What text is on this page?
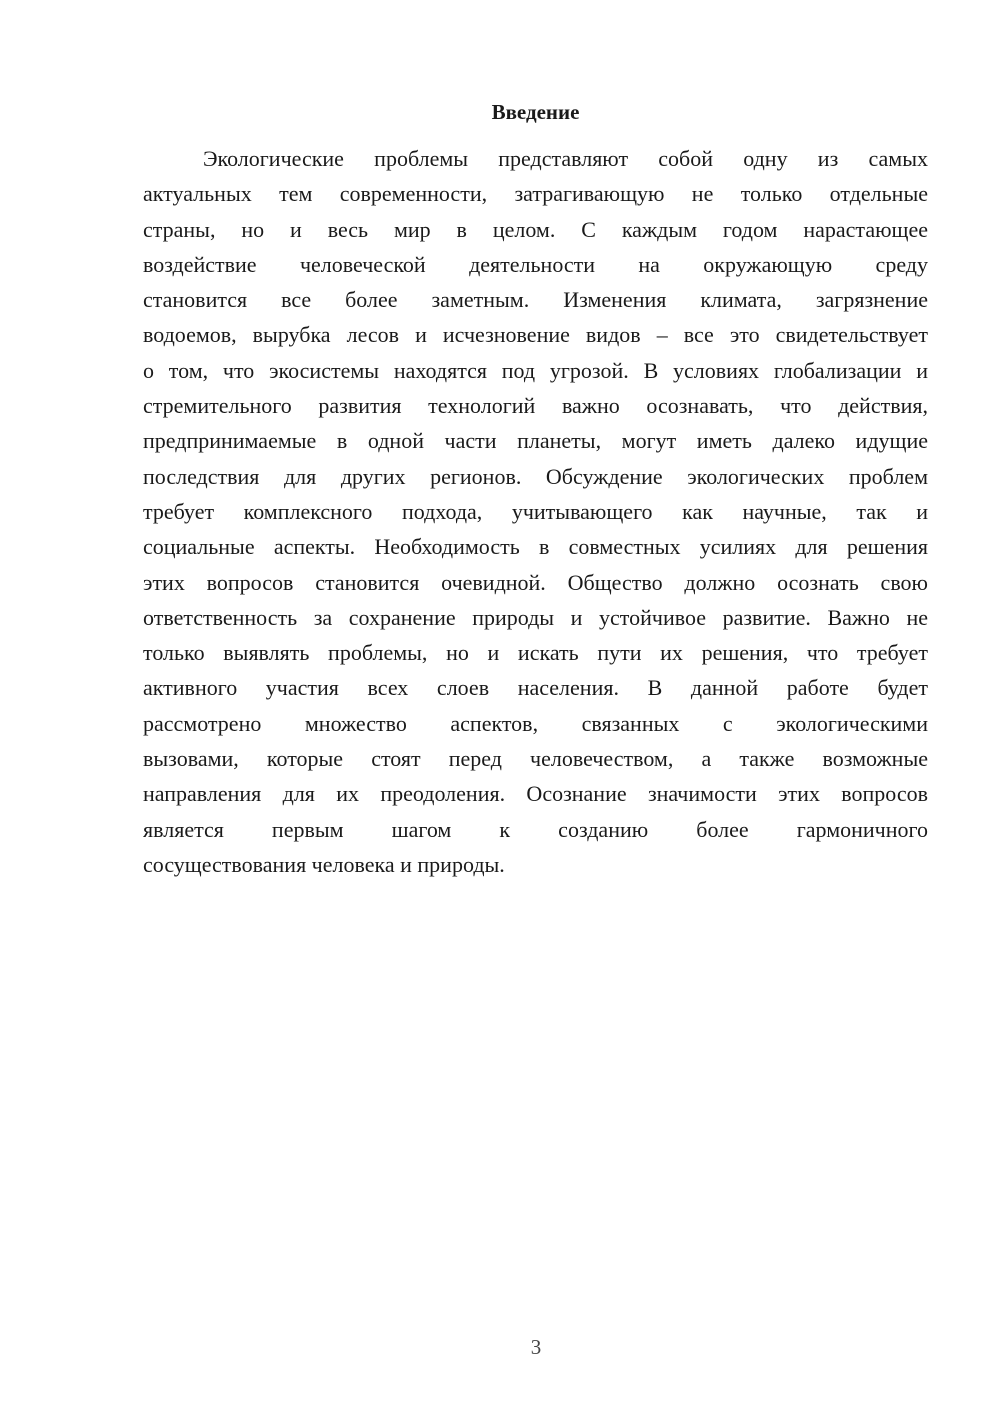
Введение
Экологические проблемы представляют собой одну из самых
актуальных тем современности, затрагивающую не только отдельные
страны, но и весь мир в целом. С каждым годом нарастающее
воздействие человеческой деятельности на окружающую среду
становится все более заметным. Изменения климата, загрязнение
водоемов, вырубка лесов и исчезновение видов – все это свидетельствует
о том, что экосистемы находятся под угрозой. В условиях глобализации и
стремительного развития технологий важно осознавать, что действия,
предпринимаемые в одной части планеты, могут иметь далеко идущие
последствия для других регионов. Обсуждение экологических проблем
требует комплексного подхода, учитывающего как научные, так и
социальные аспекты. Необходимость в совместных усилиях для решения
этих вопросов становится очевидной. Общество должно осознать свою
ответственность за сохранение природы и устойчивое развитие. Важно не
только выявлять проблемы, но и искать пути их решения, что требует
активного участия всех слоев населения. В данной работе будет
рассмотрено множество аспектов, связанных с экологическими
вызовами, которые стоят перед человечеством, а также возможные
направления для их преодоления. Осознание значимости этих вопросов
является первым шагом к созданию более гармоничного
сосуществования человека и природы.
3
